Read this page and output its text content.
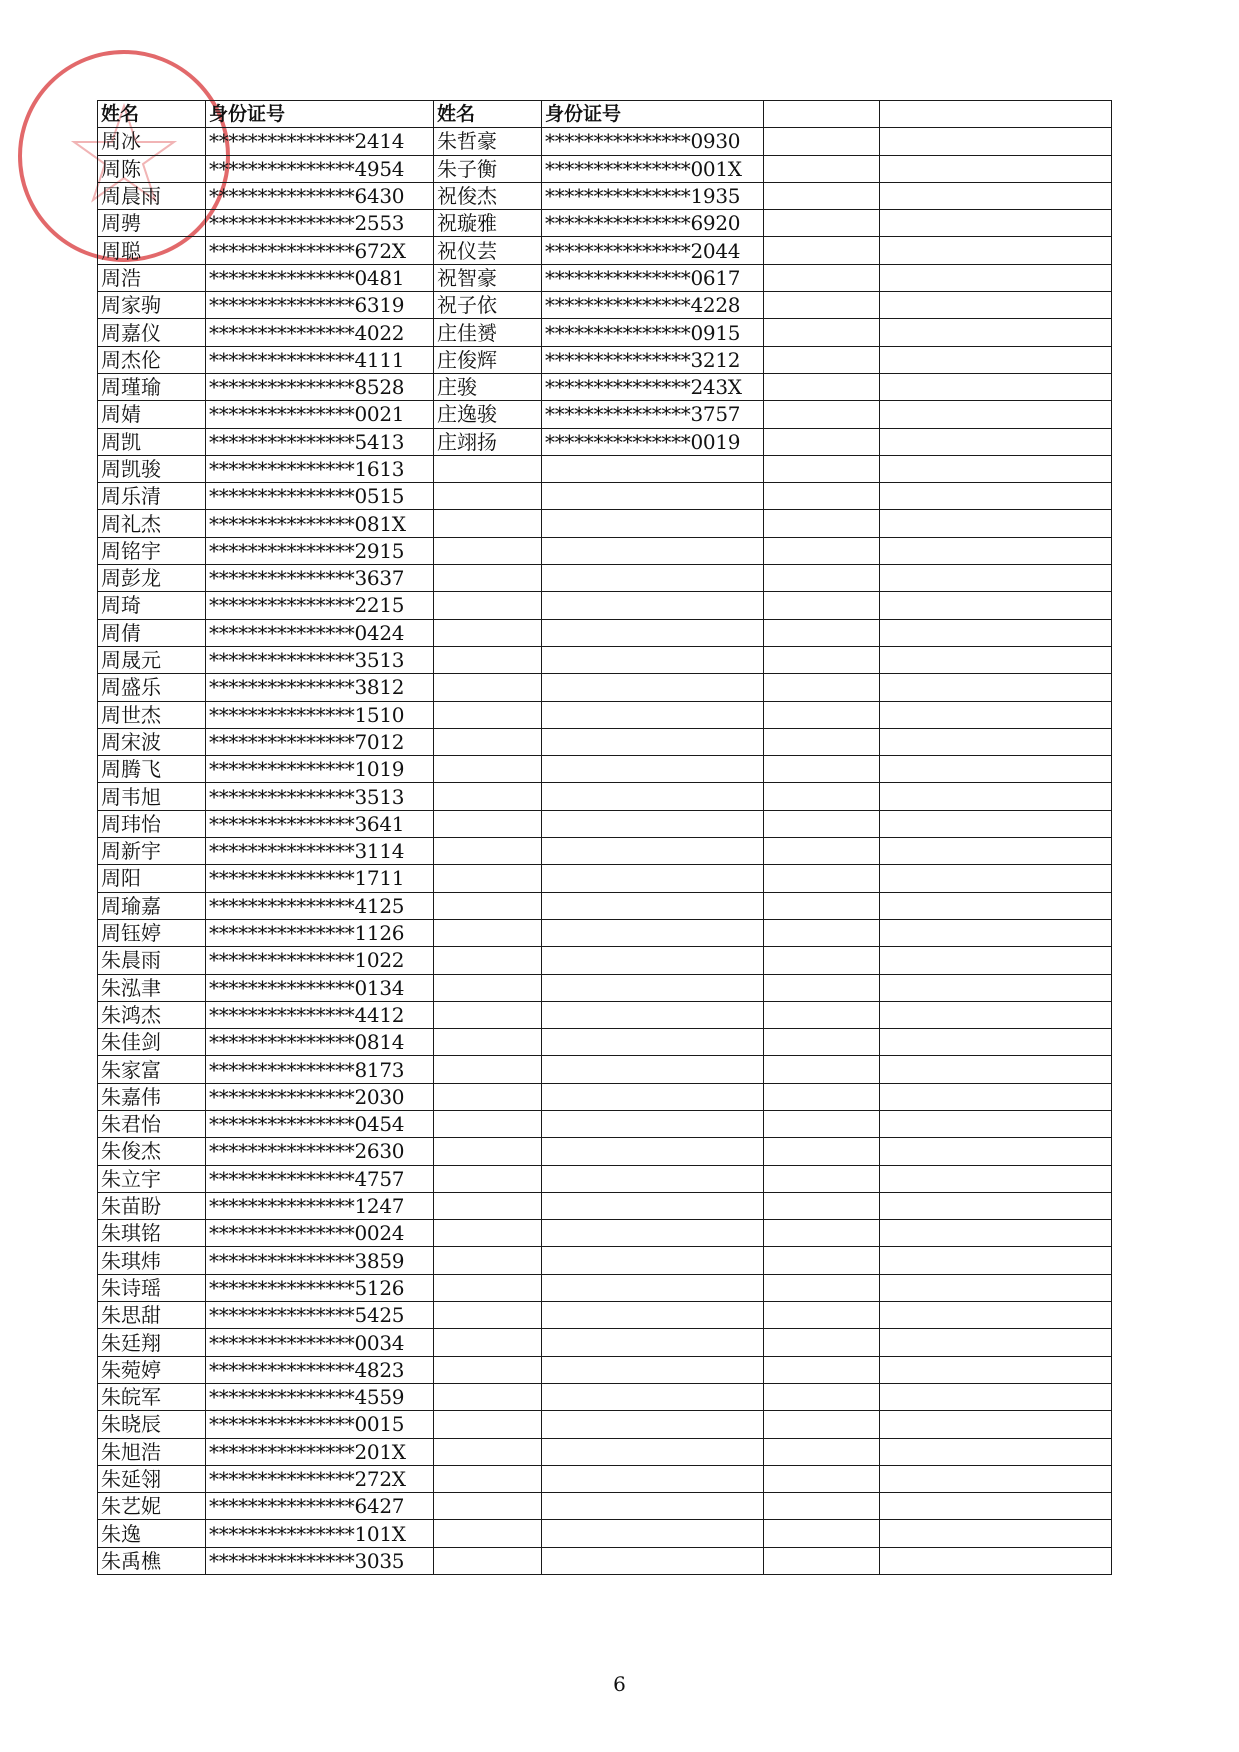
姓名	身份证号	姓名	身份证号		
周冰	***************2414	朱哲豪	***************0930		
周陈	***************4954	朱子衡	***************001X		
周晨雨	***************6430	祝俊杰	***************1935		
周骋	***************2553	祝璇雅	***************6920		
周聪	***************672X	祝仪芸	***************2044		
周浩	***************0481	祝智豪	***************0617		
周家驹	***************6319	祝子依	***************4228		
周嘉仪	***************4022	庄佳赟	***************0915		
周杰伦	***************4111	庄俊辉	***************3212		
周瑾瑜	***************8528	庄骏	***************243X		
周婧	***************0021	庄逸骏	***************3757		
周凯	***************5413	庄翊扬	***************0019		
周凯骏	***************1613				
周乐清	***************0515				
周礼杰	***************081X				
周铭宇	***************2915				
周彭龙	***************3637				
周琦	***************2215				
周倩	***************0424				
周晟元	***************3513				
周盛乐	***************3812				
周世杰	***************1510				
周宋波	***************7012				
周腾飞	***************1019				
周韦旭	***************3513				
周玮怡	***************3641				
周新宇	***************3114				
周阳	***************1711				
周瑜嘉	***************4125				
周钰婷	***************1126				
朱晨雨	***************1022				
朱泓聿	***************0134				
朱鸿杰	***************4412				
朱佳剑	***************0814				
朱家富	***************8173				
朱嘉伟	***************2030				
朱君怡	***************0454				
朱俊杰	***************2630				
朱立宇	***************4757				
朱苗盼	***************1247				
朱琪铭	***************0024				
朱琪炜	***************3859				
朱诗瑶	***************5126				
朱思甜	***************5425				
朱廷翔	***************0034				
朱菀婷	***************4823				
朱皖军	***************4559				
朱晓辰	***************0015				
朱旭浩	***************201X				
朱延翎	***************272X				
朱艺妮	***************6427				
朱逸	***************101X				
朱禹樵	***************3035				
6
